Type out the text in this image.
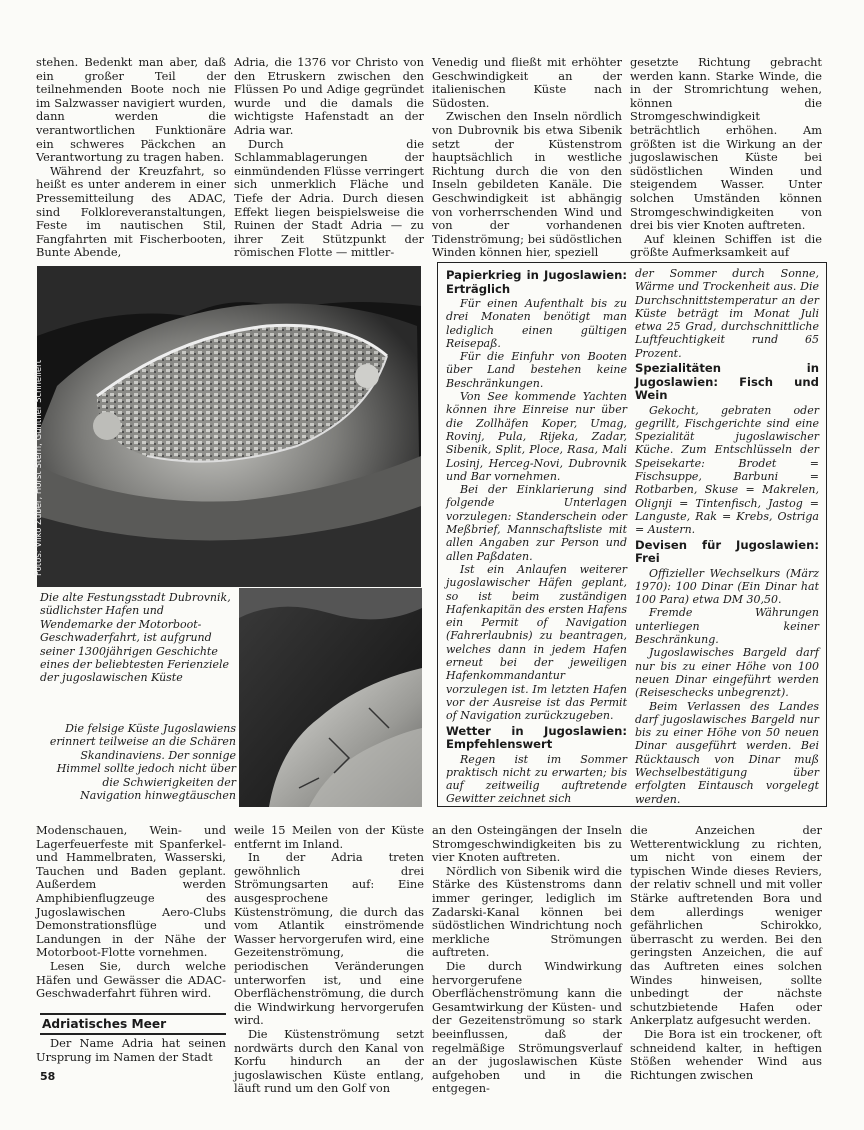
stehen. Bedenkt man aber, daß ein großer Teil der teilnehmenden Boote noch nie im Salzwasser navigiert wurden, dann werden die verantwortlichen Funktionäre ein schweres Päckchen an Verantwortung zu tragen haben.

Während der Kreuzfahrt, so heißt es unter anderem in einer Pressemitteilung des ADAC, sind Folkloreveranstaltungen, Feste im nautischen Stil, Fangfahrten mit Fischerbooten, Bunte Abende,

Adria, die 1376 vor Christo von den Etruskern zwischen den Flüssen Po und Adige gegründet wurde und die damals die wichtigste Hafenstadt an der Adria war.

Durch die Schlammablagerungen der einmündenden Flüsse verringert sich unmerklich Fläche und Tiefe der Adria. Durch diesen Effekt liegen beispielsweise die Ruinen der Stadt Adria — zu ihrer Zeit Stützpunkt der römischen Flotte — mittler-

Venedig und fließt mit erhöhter Geschwindigkeit an der italienischen Küste nach Südosten.

Zwischen den Inseln nördlich von Dubrovnik bis etwa Sibenik setzt der Küstenstrom hauptsächlich in westliche Richtung durch die von den Inseln gebildeten Kanäle. Die Geschwindigkeit ist abhängig von vorherrschenden Wind und von der vorhandenen Tidenströmung; bei südöstlichen Winden können hier, speziell

gesetzte Richtung gebracht werden kann. Starke Winde, die in der Stromrichtung wehen, können die Stromgeschwindigkeit beträchtlich erhöhen. Am größten ist die Wirkung an der jugoslawischen Küste bei südöstlichen Winden und steigendem Wasser. Unter solchen Umständen können Stromgeschwindigkeiten von drei bis vier Knoten auftreten.

Auf kleinen Schiffen ist die größte Aufmerksamkeit auf

Fotos: Vilko Zuber, Horst Stern, Günther Schnellert
Die alte Festungsstadt Dubrovnik, südlichster Hafen und Wendemarke der Motorboot-Geschwaderfahrt, ist aufgrund seiner 1300jährigen Geschichte eines der beliebtesten Ferienziele der jugoslawischen Küste
Die felsige Küste Jugoslawiens erinnert teilweise an die Schären Skandinaviens. Der sonnige Himmel sollte jedoch nicht über die Schwierigkeiten der Navigation hinwegtäuschen
Papierkrieg in Jugoslawien: Erträglich

Für einen Aufenthalt bis zu drei Monaten benötigt man lediglich einen gültigen Reisepaß.

Für die Einfuhr von Booten über Land bestehen keine Beschränkungen.

Von See kommende Yachten können ihre Einreise nur über die Zollhäfen Koper, Umag, Rovinj, Pula, Rijeka, Zadar, Sibenik, Split, Ploce, Rasa, Mali Losinj, Herceg-Novi, Dubrovnik und Bar vornehmen.

Bei der Einklarierung sind folgende Unterlagen vorzulegen: Standerschein oder Meßbrief, Mannschaftsliste mit allen Angaben zur Person und allen Paßdaten.

Ist ein Anlaufen weiterer jugoslawischer Häfen geplant, so ist beim zuständigen Hafenkapitän des ersten Hafens ein Permit of Navigation (Fahrerlaubnis) zu beantragen, welches dann in jedem Hafen erneut bei der jeweiligen Hafenkommandantur vorzulegen ist. Im letzten Hafen vor der Ausreise ist das Permit of Navigation zurückzugeben.

Wetter in Jugoslawien: Empfehlenswert

Regen ist im Sommer praktisch nicht zu erwarten; bis auf zeitweilig auftretende Gewitter zeichnet sich

der Sommer durch Sonne, Wärme und Trockenheit aus. Die Durchschnittstemperatur an der Küste beträgt im Monat Juli etwa 25 Grad, durchschnittliche Luftfeuchtigkeit rund 65 Prozent.

Spezialitäten in Jugoslawien: Fisch und Wein

Gekocht, gebraten oder gegrillt, Fischgerichte sind eine Spezialität jugoslawischer Küche. Zum Entschlüsseln der Speisekarte: Brodet = Fischsuppe, Barbuni = Rotbarben, Skuse = Makrelen, Olignji = Tintenfisch, Jastog = Languste, Rak = Krebs, Ostriga = Austern.

Devisen für Jugoslawien: Frei

Offizieller Wechselkurs (März 1970): 100 Dinar (Ein Dinar hat 100 Para) etwa DM 30,50.

Fremde Währungen unterliegen keiner Beschränkung.

Jugoslawisches Bargeld darf nur bis zu einer Höhe von 100 neuen Dinar eingeführt werden (Reiseschecks unbegrenzt).

Beim Verlassen des Landes darf jugoslawisches Bargeld nur bis zu einer Höhe von 50 neuen Dinar ausgeführt werden. Bei Rücktausch von Dinar muß Wechselbestätigung über erfolgten Eintausch vorgelegt werden.

Modenschauen, Wein- und Lagerfeuerfeste mit Spanferkel- und Hammelbraten, Wasserski, Tauchen und Baden geplant. Außerdem werden Amphibienflugzeuge des Jugoslawischen Aero-Clubs Demonstrationsflüge und Landungen in der Nähe der Motorboot-Flotte vornehmen.

Lesen Sie, durch welche Häfen und Gewässer die ADAC-Geschwaderfahrt führen wird.

Adriatisches Meer

Der Name Adria hat seinen Ursprung im Namen der Stadt

weile 15 Meilen von der Küste entfernt im Inland.

In der Adria treten gewöhnlich drei Strömungsarten auf: Eine ausgesprochene Küstenströmung, die durch das vom Atlantik einströmende Wasser hervorgerufen wird, eine Gezeitenströmung, die periodischen Veränderungen unterworfen ist, und eine Oberflächenströmung, die durch die Windwirkung hervorgerufen wird.

Die Küstenströmung setzt nordwärts durch den Kanal von Korfu hindurch an der jugoslawischen Küste entlang, läuft rund um den Golf von

an den Osteingängen der Inseln Stromgeschwindigkeiten bis zu vier Knoten auftreten.

Nördlich von Sibenik wird die Stärke des Küstenstroms dann immer geringer, lediglich im Zadarski-Kanal können bei südöstlichen Windrichtung noch merkliche Strömungen auftreten.

Die durch Windwirkung hervorgerufene Oberflächenströmung kann die Gesamtwirkung der Küsten- und der Gezeitenströmung so stark beeinflussen, daß der regelmäßige Strömungsverlauf an der jugoslawischen Küste aufgehoben und in die entgegen-

die Anzeichen der Wetterentwicklung zu richten, um nicht von einem der typischen Winde dieses Reviers, der relativ schnell und mit voller Stärke auftretenden Bora und dem allerdings weniger gefährlichen Schirokko, überrascht zu werden. Bei den geringsten Anzeichen, die auf das Auftreten eines solchen Windes hinweisen, sollte unbedingt der nächste schutzbietende Hafen oder Ankerplatz aufgesucht werden.

Die Bora ist ein trockener, oft schneidend kalter, in heftigen Stößen wehender Wind aus Richtungen zwischen

58
